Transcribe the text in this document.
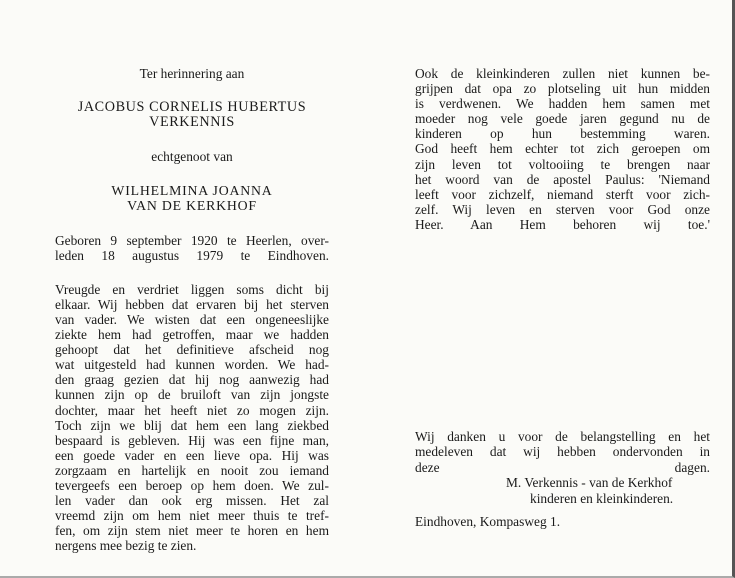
Ter herinnering aan
JACOBUS CORNELIS HUBERTUS
VERKENNIS
echtgenoot van
WILHELMINA JOANNA
VAN DE KERKHOF
Geboren 9 september 1920 te Heerlen, over-
leden 18 augustus 1979 te Eindhoven.
Vreugde en verdriet liggen soms dicht bij
elkaar. Wij hebben dat ervaren bij het sterven
van vader. We wisten dat een ongeneeslijke
ziekte hem had getroffen, maar we hadden
gehoopt dat het definitieve afscheid nog
wat uitgesteld had kunnen worden. We had-
den graag gezien dat hij nog aanwezig had
kunnen zijn op de bruiloft van zijn jongste
dochter, maar het heeft niet zo mogen zijn.
Toch zijn we blij dat hem een lang ziekbed
bespaard is gebleven. Hij was een fijne man,
een goede vader en een lieve opa. Hij was
zorgzaam en hartelijk en nooit zou iemand
tevergeefs een beroep op hem doen. We zul-
len vader dan ook erg missen. Het zal
vreemd zijn om hem niet meer thuis te tref-
fen, om zijn stem niet meer te horen en hem
nergens mee bezig te zien.
Ook de kleinkinderen zullen niet kunnen be-
grijpen dat opa zo plotseling uit hun midden
is verdwenen. We hadden hem samen met
moeder nog vele goede jaren gegund nu de
kinderen op hun bestemming waren.
God heeft hem echter tot zich geroepen om
zijn leven tot voltooiing te brengen naar
het woord van de apostel Paulus: 'Niemand
leeft voor zichzelf, niemand sterft voor zich-
zelf. Wij leven en sterven voor God onze
Heer. Aan Hem behoren wij toe.'
Wij danken u voor de belangstelling en het
medeleven dat wij hebben ondervonden in
deze dagen.
M. Verkennis - van de Kerkhof
kinderen en kleinkinderen.
Eindhoven, Kompasweg 1.
